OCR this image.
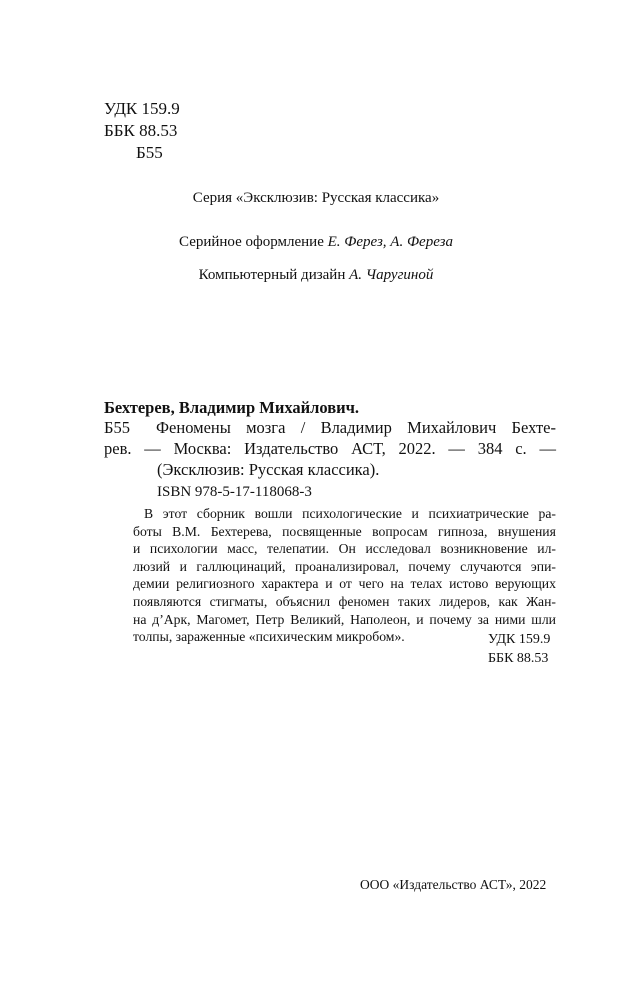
УДК 159.9
ББК 88.53
Б55
Серия «Эксклюзив: Русская классика»
Серийное оформление Е. Ферез, А. Фереза
Компьютерный дизайн А. Чаругиной
Бехтерев, Владимир Михайлович.
Б55	Феномены мозга / Владимир Михайлович Бехте-
рев. — Москва: Издательство АСТ, 2022. — 384 с. —
(Эксклюзив: Русская классика).
ISBN 978-5-17-118068-3
В этот сборник вошли психологические и психиатрические ра-
боты В.М. Бехтерева, посвященные вопросам гипноза, внушения
и психологии масс, телепатии. Он исследовал возникновение ил-
люзий и галлюцинаций, проанализировал, почему случаются эпи-
демии религиозного характера и от чего на телах истово верующих
появляются стигматы, объяснил феномен таких лидеров, как Жан-
на д’Арк, Магомет, Петр Великий, Наполеон, и почему за ними шли
толпы, зараженные «психическим микробом».	УДК 159.9
ББК 88.53
ООО «Издательство АСТ», 2022
